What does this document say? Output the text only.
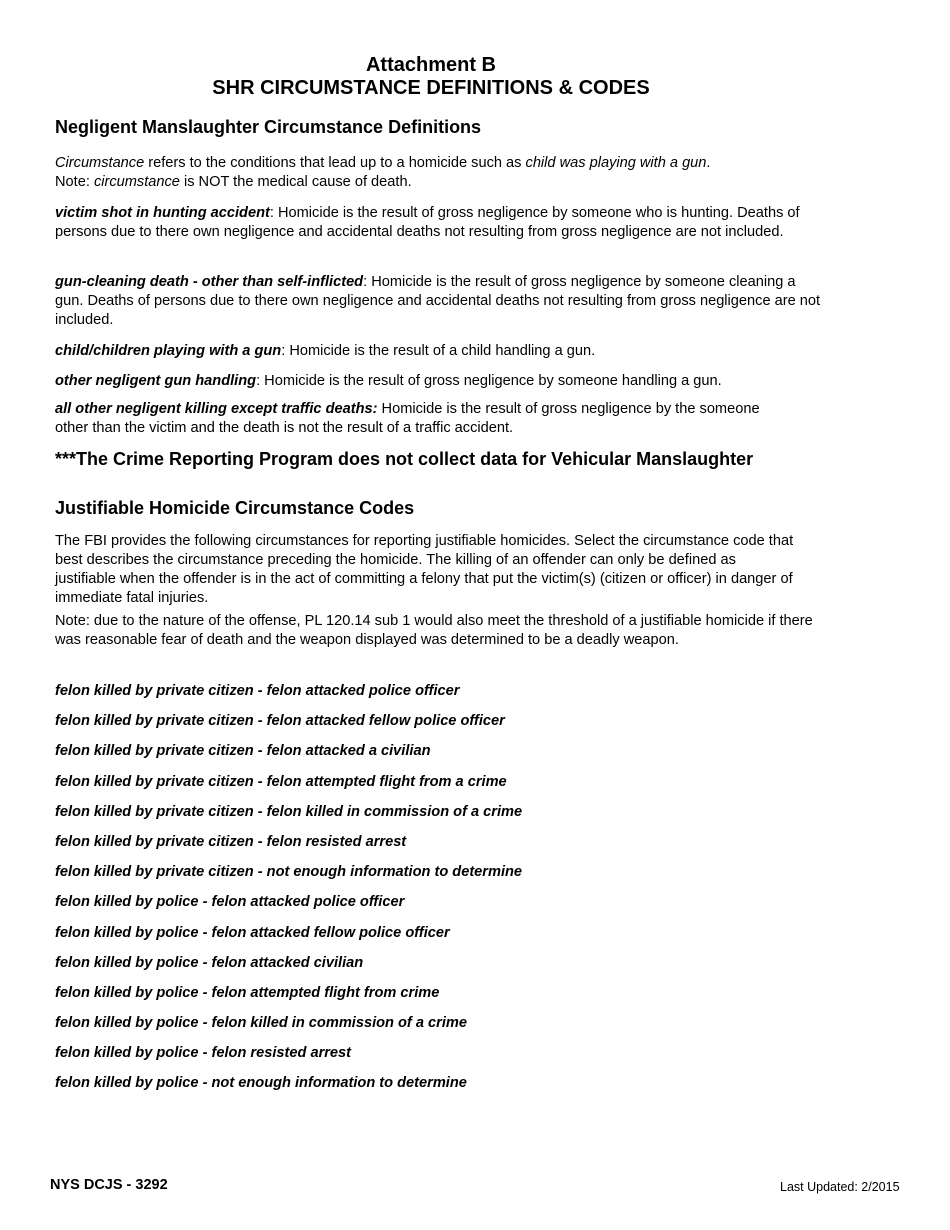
Attachment B
SHR CIRCUMSTANCE DEFINITIONS & CODES
Negligent Manslaughter Circumstance Definitions
Circumstance refers to the conditions that lead up to a homicide such as child was playing with a gun.
Note: circumstance is NOT the medical cause of death.
victim shot in hunting accident: Homicide is the result of gross negligence by someone who is hunting. Deaths of persons due to there own negligence and accidental deaths not resulting from gross negligence are not included.
gun-cleaning death - other than self-inflicted: Homicide is the result of gross negligence by someone cleaning a gun. Deaths of persons due to there own negligence and accidental deaths not resulting from gross negligence are not included.
child/children playing with a gun: Homicide is the result of a child handling a gun.
other negligent gun handling: Homicide is the result of gross negligence by someone handling a gun.
all other negligent killing except traffic deaths: Homicide is the result of gross negligence by the someone other than the victim and the death is not the result of a traffic accident.
***The Crime Reporting Program does not collect data for Vehicular Manslaughter
Justifiable Homicide Circumstance Codes
The FBI provides the following circumstances for reporting justifiable homicides. Select the circumstance code that best describes the circumstance preceding the homicide. The killing of an offender can only be defined as justifiable when the offender is in the act of committing a felony that put the victim(s) (citizen or officer) in danger of immediate fatal injuries.
Note: due to the nature of the offense, PL 120.14 sub 1 would also meet the threshold of a justifiable homicide if there was reasonable fear of death and the weapon displayed was determined to be a deadly weapon.
felon killed by private citizen - felon attacked police officer
felon killed by private citizen - felon attacked fellow police officer
felon killed by private citizen - felon attacked a civilian
felon killed by private citizen - felon attempted flight from a crime
felon killed by private citizen - felon killed in commission of a crime
felon killed by private citizen - felon resisted arrest
felon killed by private citizen - not enough information to determine
felon killed by police - felon attacked police officer
felon killed by police - felon attacked fellow police officer
felon killed by police - felon attacked civilian
felon killed by police - felon attempted flight from crime
felon killed by police - felon killed in commission of a crime
felon killed by police - felon resisted arrest
felon killed by police - not enough information to determine
NYS DCJS - 3292	Last Updated: 2/2015
